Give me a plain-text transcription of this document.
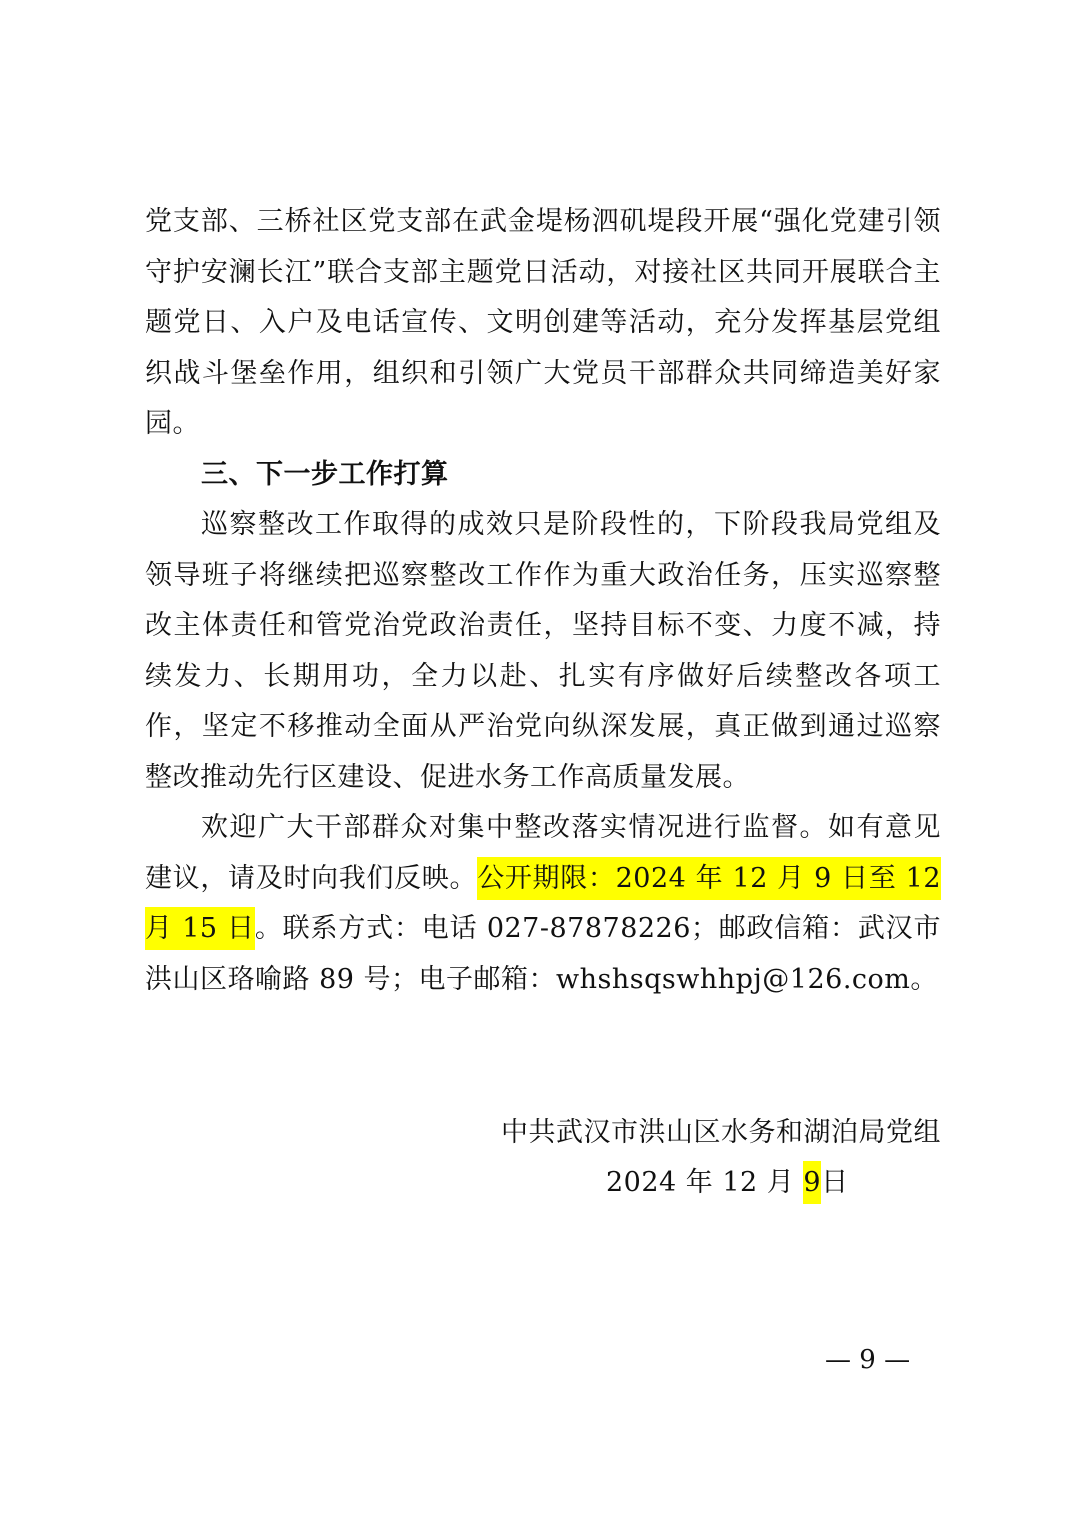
党支部、三桥社区党支部在武金堤杨泗矶堤段开展“强化党建引领　守护安澜长江”联合支部主题党日活动，对接社区共同开展联合主题党日、入户及电话宣传、文明创建等活动，充分发挥基层党组织战斗堡垒作用，组织和引领广大党员干部群众共同缔造美好家园。

三、下一步工作打算

巡察整改工作取得的成效只是阶段性的，下阶段我局党组及领导班子将继续把巡察整改工作作为重大政治任务，压实巡察整改主体责任和管党治党政治责任，坚持目标不变、力度不减，持续发力、长期用功，全力以赴、扎实有序做好后续整改各项工作，坚定不移推动全面从严治党向纵深发展，真正做到通过巡察整改推动先行区建设、促进水务工作高质量发展。

欢迎广大干部群众对集中整改落实情况进行监督。如有意见建议，请及时向我们反映。公开期限：2024 年 12 月 9 日至 12 月 15 日。联系方式：电话 027-87878226；邮政信箱：武汉市洪山区珞喻路 89 号；电子邮箱：whshsqswhhpj@126.com。

中共武汉市洪山区水务和湖泊局党组
2024 年 12 月 9日
— 9 —
